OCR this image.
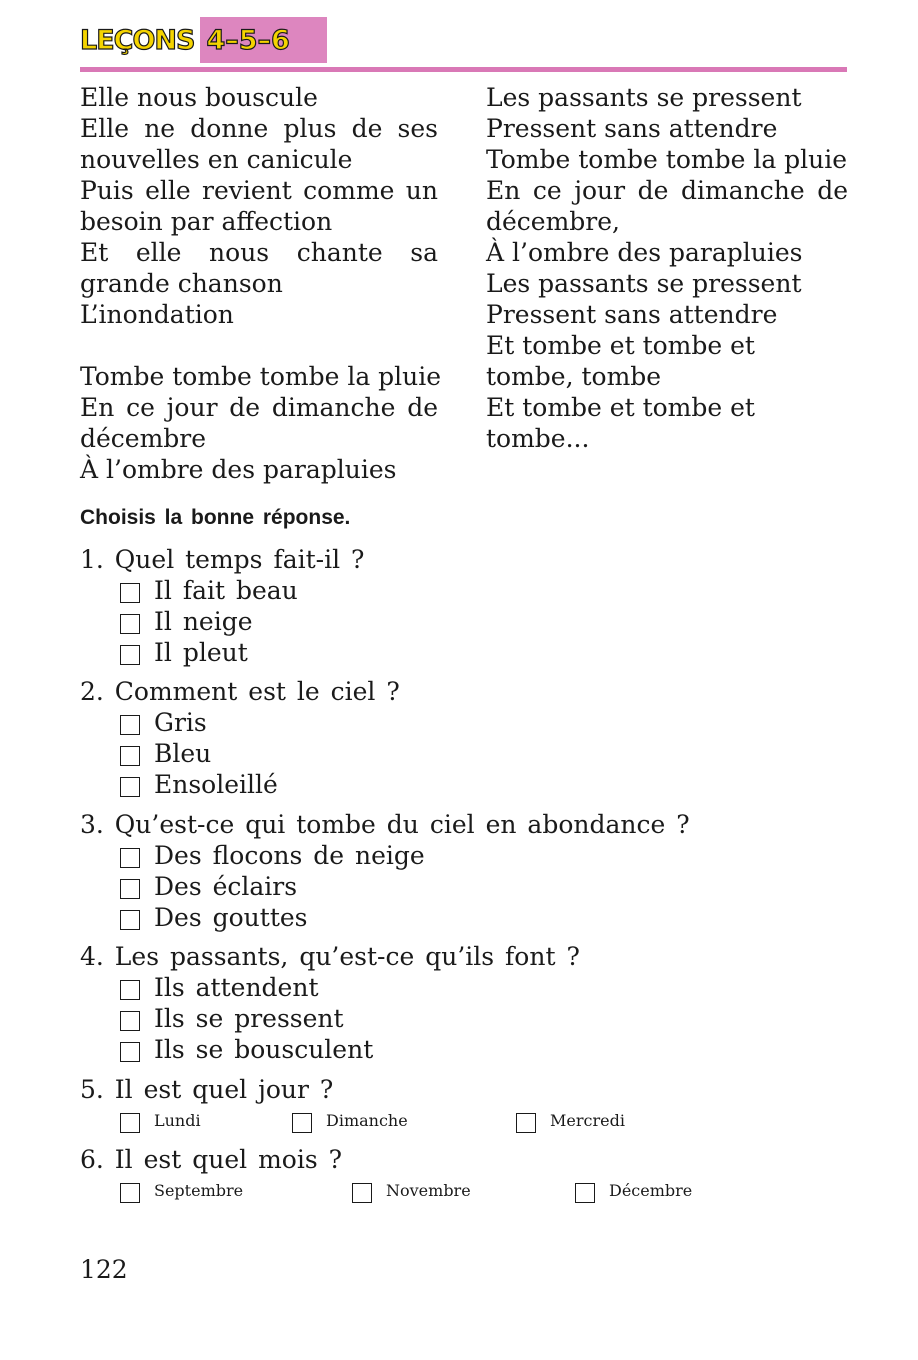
LEÇONS 4–5–6
Elle nous bouscule
Elle ne donne plus de ses
nouvelles en canicule
Puis elle revient comme un
besoin par affection
Et elle nous chante sa
grande chanson
L’inondation
Tombe tombe tombe la pluie
En ce jour de dimanche de
décembre
À l’ombre des parapluies
Les passants se pressent
Pressent sans attendre
Tombe tombe tombe la pluie
En ce jour de dimanche de
décembre,
À l’ombre des parapluies
Les passants se pressent
Pressent sans attendre
Et tombe et tombe et
tombe, tombe
Et tombe et tombe et
tombe...
Choisis la bonne réponse.
1. Quel temps fait-il ?
Il fait beau
Il neige
Il pleut
2. Comment est le ciel ?
Gris
Bleu
Ensoleillé
3. Qu’est-ce qui tombe du ciel en abondance ?
Des flocons de neige
Des éclairs
Des gouttes
4. Les passants, qu’est-ce qu’ils font ?
Ils attendent
Ils se pressent
Ils se bousculent
5. Il est quel jour ?
Lundi	Dimanche	Mercredi
6. Il est quel mois ?
Septembre	Novembre	Décembre
122
